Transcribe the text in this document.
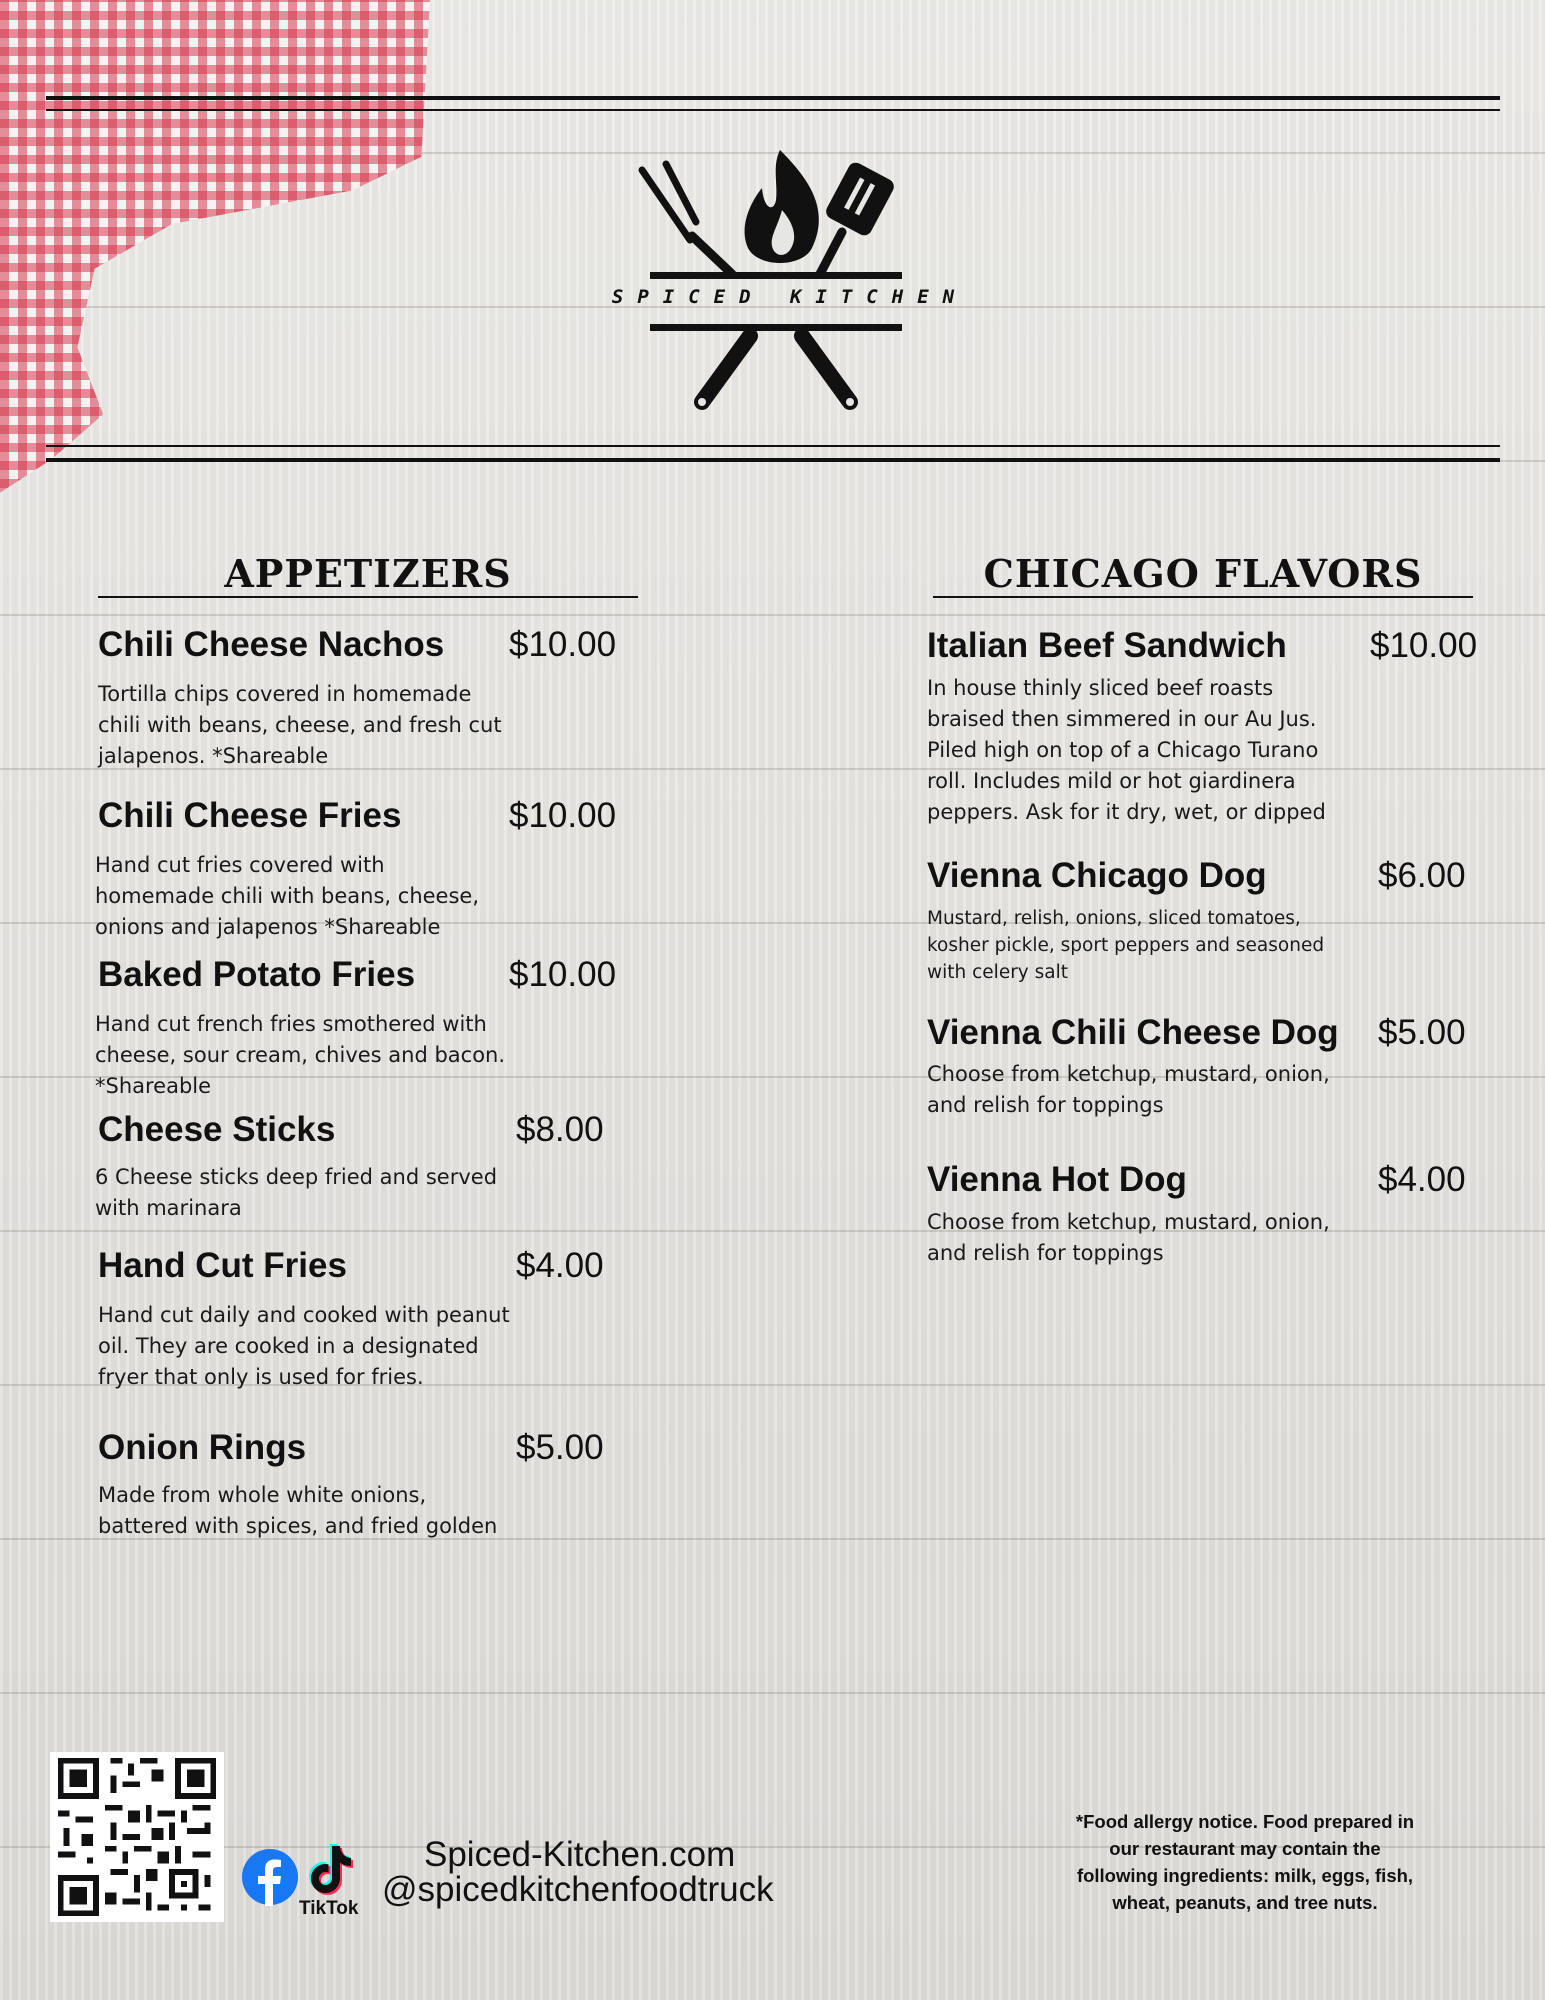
SPICED KITCHEN
APPETIZERS
Chili Cheese Nachos $10.00
Tortilla chips covered in homemade chili with beans, cheese, and fresh cut jalapenos. *Shareable
Chili Cheese Fries	$10.00
Hand cut fries covered with homemade chili with beans, cheese, onions and jalapenos *Shareable
Baked Potato Fries	$10.00
Hand cut french fries smothered with cheese, sour cream, chives and bacon. *Shareable
Cheese Sticks	$8.00
6 Cheese sticks deep fried and served with marinara
Hand Cut Fries	$4.00
Hand cut daily and cooked with peanut oil. They are cooked in a designated fryer that only is used for fries.
Onion Rings	$5.00
Made from whole white onions, battered with spices, and fried golden
CHICAGO FLAVORS
Italian Beef Sandwich $10.00
In house thinly sliced beef roasts braised then simmered in our Au Jus. Piled high on top of a Chicago Turano roll. Includes mild or hot giardinera peppers. Ask for it dry, wet, or dipped
Vienna Chicago Dog	$6.00
Mustard, relish, onions, sliced tomatoes, kosher pickle, sport peppers and seasoned with celery salt
Vienna Chili Cheese Dog $5.00
Choose from ketchup, mustard, onion, and relish for toppings
Vienna Hot Dog	$4.00
Choose from ketchup, mustard, onion, and relish for toppings
TikTok
Spiced-Kitchen.com
@spicedkitchenfoodtruck
*Food allergy notice. Food prepared in our restaurant may contain the following ingredients: milk, eggs, fish, wheat, peanuts, and tree nuts.
